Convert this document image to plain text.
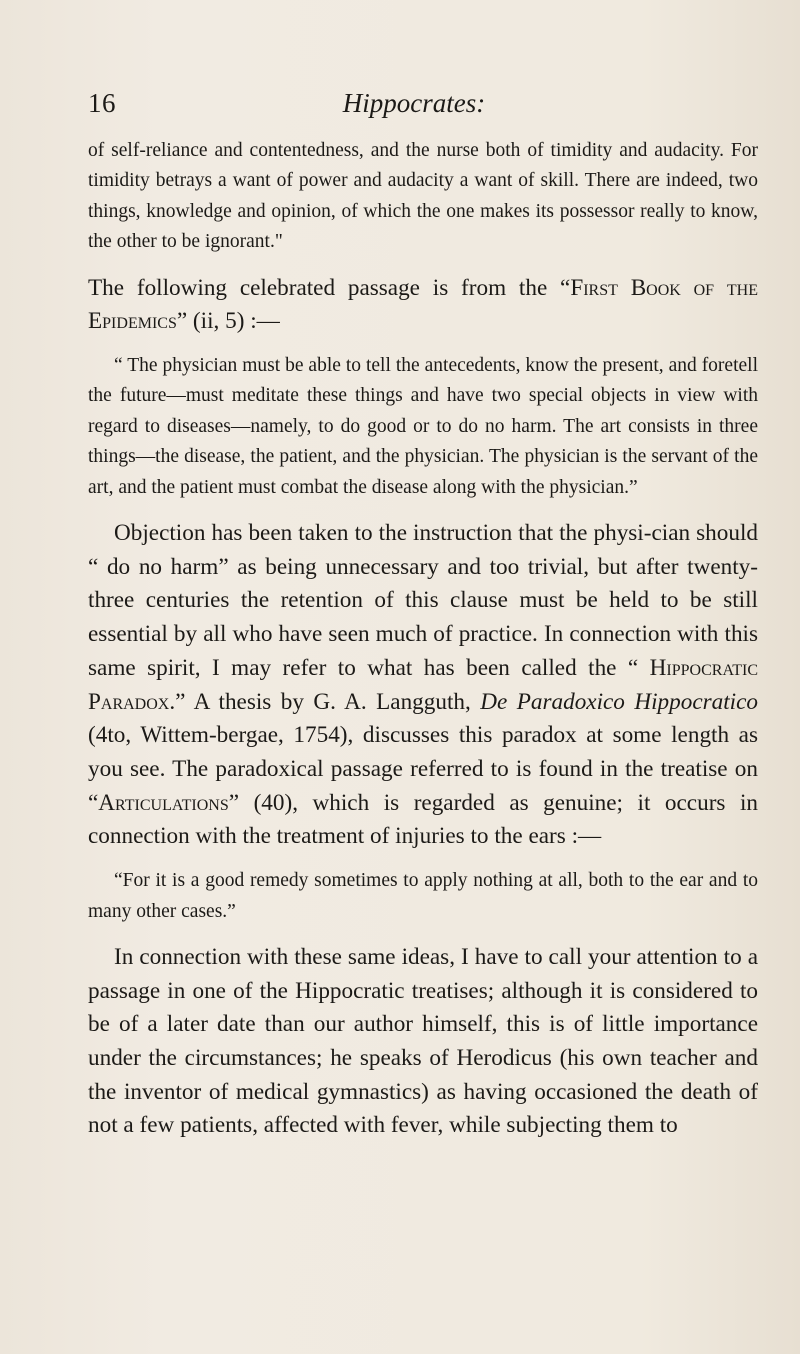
16	Hippocrates:

of self-reliance and contentedness, and the nurse both of timidity and audacity. For timidity betrays a want of power and audacity a want of skill. There are indeed, two things, knowledge and opinion, of which the one makes its possessor really to know, the other to be ignorant."

The following celebrated passage is from the “First Book of the Epidemics” (ii, 5) :—

“ The physician must be able to tell the antecedents, know the present, and foretell the future—must meditate these things and have two special objects in view with regard to diseases—namely, to do good or to do no harm. The art consists in three things—the disease, the patient, and the physician. The physician is the servant of the art, and the patient must combat the disease along with the physician.”

Objection has been taken to the instruction that the physi-cian should “ do no harm” as being unnecessary and too trivial, but after twenty-three centuries the retention of this clause must be held to be still essential by all who have seen much of practice. In connection with this same spirit, I may refer to what has been called the “ Hippocratic Paradox.” A thesis by G. A. Langguth, De Paradoxico Hippocratico (4to, Wittem-bergae, 1754), discusses this paradox at some length as you see. The paradoxical passage referred to is found in the treatise on “Articulations” (40), which is regarded as genuine; it occurs in connection with the treatment of injuries to the ears :—

“For it is a good remedy sometimes to apply nothing at all, both to the ear and to many other cases.”

In connection with these same ideas, I have to call your attention to a passage in one of the Hippocratic treatises; although it is considered to be of a later date than our author himself, this is of little importance under the circumstances; he speaks of Herodicus (his own teacher and the inventor of medical gymnastics) as having occasioned the death of not a few patients, affected with fever, while subjecting them to
